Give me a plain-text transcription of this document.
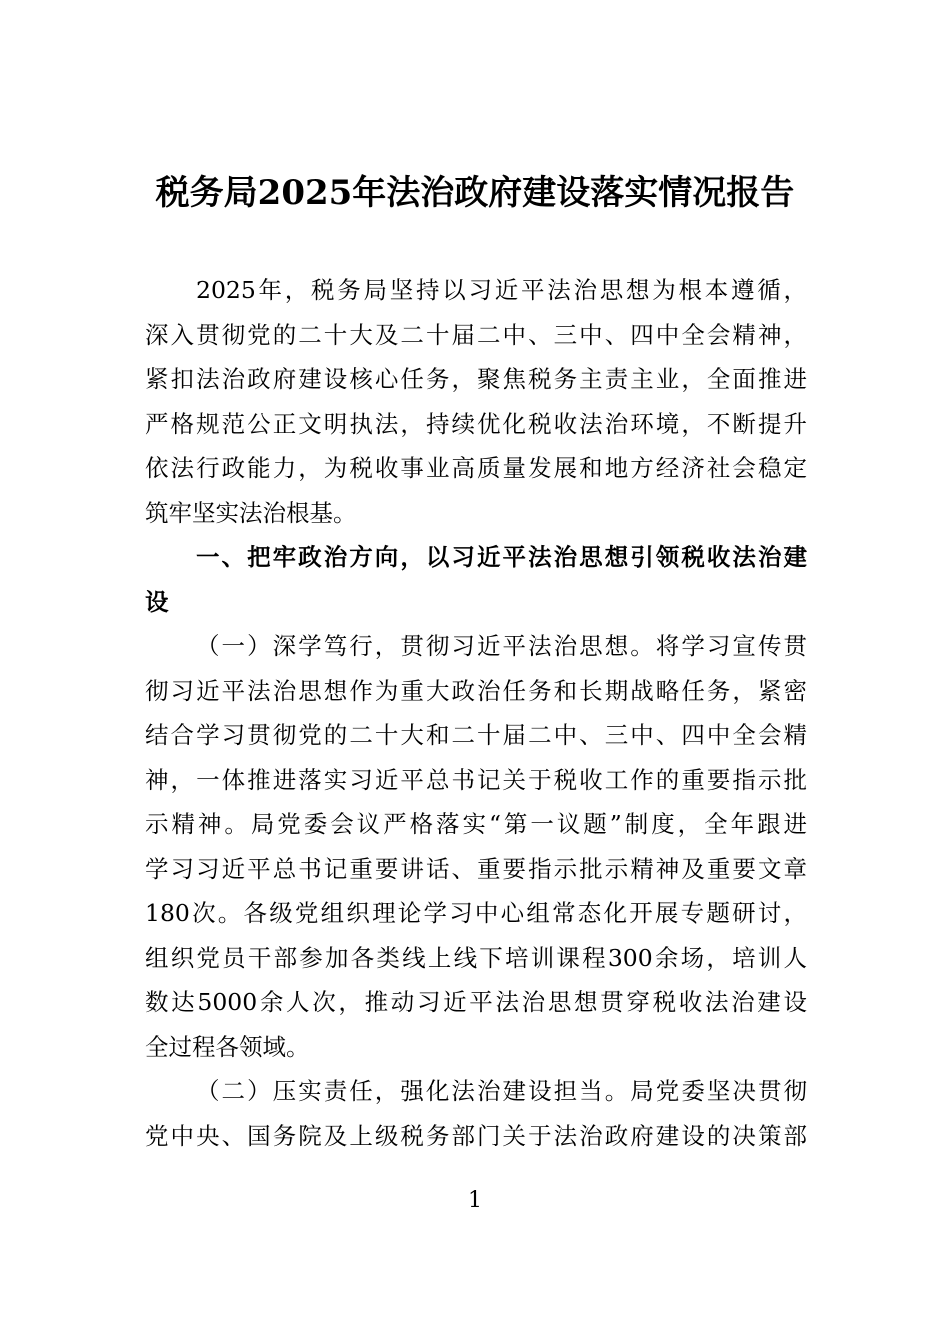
税务局2025年法治政府建设落实情况报告
2025年，税务局坚持以习近平法治思想为根本遵循，
深入贯彻党的二十大及二十届二中、三中、四中全会精神，
紧扣法治政府建设核心任务，聚焦税务主责主业，全面推进
严格规范公正文明执法，持续优化税收法治环境，不断提升
依法行政能力，为税收事业高质量发展和地方经济社会稳定
筑牢坚实法治根基。
一、把牢政治方向，以习近平法治思想引领税收法治建
设
（一）深学笃行，贯彻习近平法治思想。将学习宣传贯
彻习近平法治思想作为重大政治任务和长期战略任务，紧密
结合学习贯彻党的二十大和二十届二中、三中、四中全会精
神，一体推进落实习近平总书记关于税收工作的重要指示批
示精神。局党委会议严格落实“第一议题”制度，全年跟进
学习习近平总书记重要讲话、重要指示批示精神及重要文章
180次。各级党组织理论学习中心组常态化开展专题研讨，
组织党员干部参加各类线上线下培训课程300余场，培训人
数达5000余人次，推动习近平法治思想贯穿税收法治建设
全过程各领域。
（二）压实责任，强化法治建设担当。局党委坚决贯彻
党中央、国务院及上级税务部门关于法治政府建设的决策部
1
